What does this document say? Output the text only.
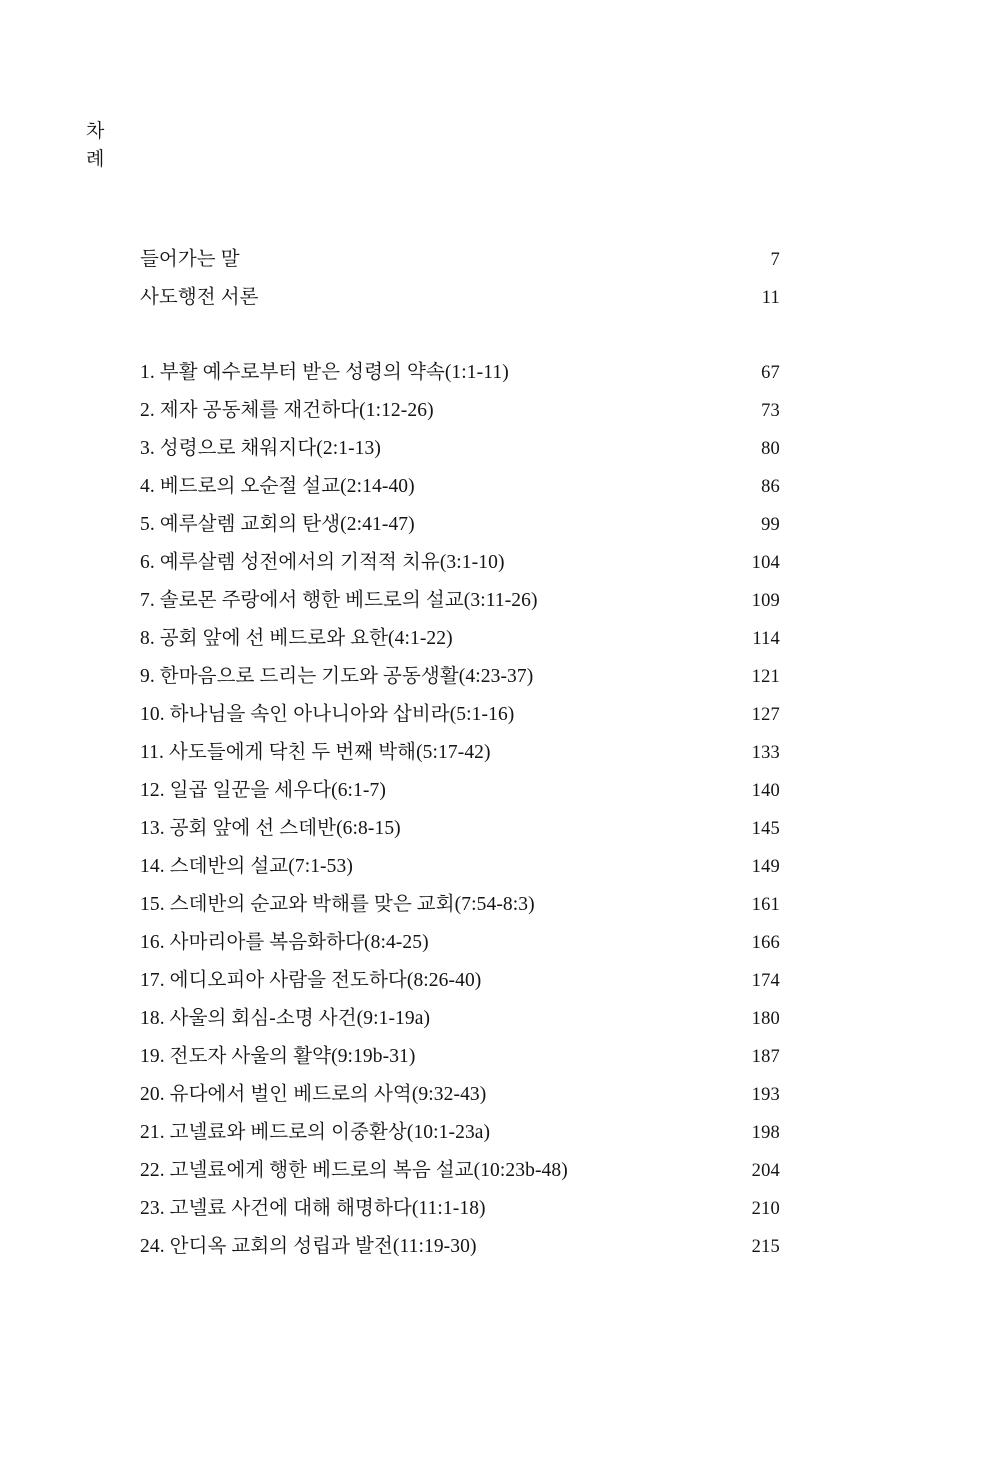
차
례
들어가는 말	7
사도행전 서론	11
1. 부활 예수로부터 받은 성령의 약속(1:1-11)	67
2. 제자 공동체를 재건하다(1:12-26)	73
3. 성령으로 채워지다(2:1-13)	80
4. 베드로의 오순절 설교(2:14-40)	86
5. 예루살렘 교회의 탄생(2:41-47)	99
6. 예루살렘 성전에서의 기적적 치유(3:1-10)	104
7. 솔로몬 주랑에서 행한 베드로의 설교(3:11-26)	109
8. 공회 앞에 선 베드로와 요한(4:1-22)	114
9. 한마음으로 드리는 기도와 공동생활(4:23-37)	121
10. 하나님을 속인 아나니아와 삽비라(5:1-16)	127
11. 사도들에게 닥친 두 번째 박해(5:17-42)	133
12. 일곱 일꾼을 세우다(6:1-7)	140
13. 공회 앞에 선 스데반(6:8-15)	145
14. 스데반의 설교(7:1-53)	149
15. 스데반의 순교와 박해를 맞은 교회(7:54-8:3)	161
16. 사마리아를 복음화하다(8:4-25)	166
17. 에디오피아 사람을 전도하다(8:26-40)	174
18. 사울의 회심-소명 사건(9:1-19a)	180
19. 전도자 사울의 활약(9:19b-31)	187
20. 유다에서 벌인 베드로의 사역(9:32-43)	193
21. 고넬료와 베드로의 이중환상(10:1-23a)	198
22. 고넬료에게 행한 베드로의 복음 설교(10:23b-48)	204
23. 고넬료 사건에 대해 해명하다(11:1-18)	210
24. 안디옥 교회의 성립과 발전(11:19-30)	215
